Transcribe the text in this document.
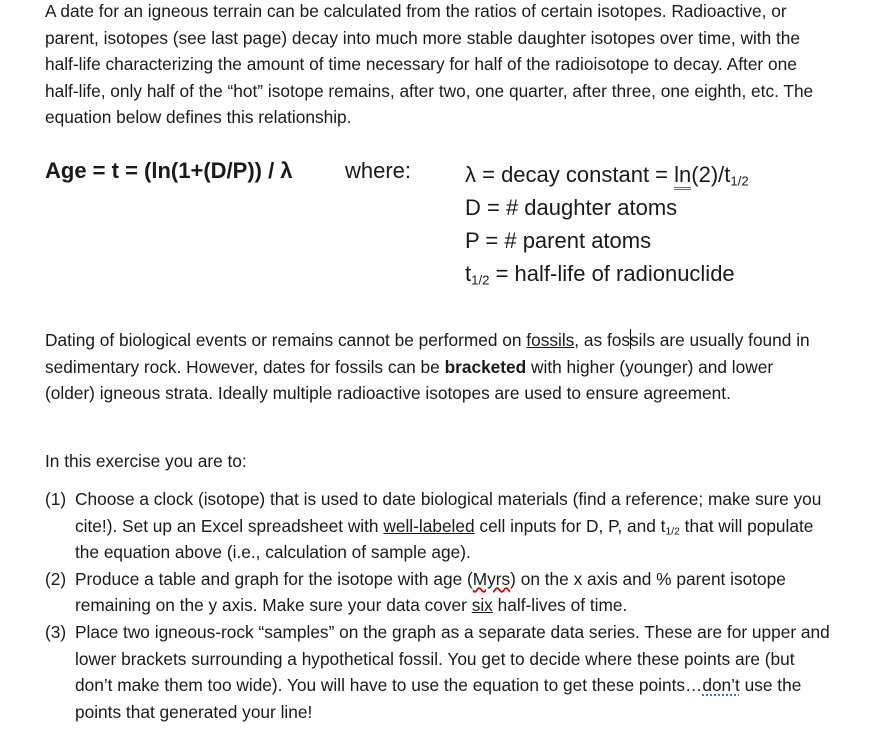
A date for an igneous terrain can be calculated from the ratios of certain isotopes. Radioactive, or parent, isotopes (see last page) decay into much more stable daughter isotopes over time, with the half-life characterizing the amount of time necessary for half of the radioisotope to decay. After one half-life, only half of the “hot” isotope remains, after two, one quarter, after three, one eighth, etc. The equation below defines this relationship.

Age = t = (ln(1+(D/P)) / λ where: λ = decay constant = $\ln(2)/t_{1/2}$
D = # daughter atoms
P = # parent atoms
$t_{1/2}$ = half-life of radionuclide

Dating of biological events or remains cannot be performed on fossils, as fossils are usually found in sedimentary rock. However, dates for fossils can be bracketed with higher (younger) and lower (older) igneous strata. Ideally multiple radioactive isotopes are used to ensure agreement.

In this exercise you are to:

(1) Choose a clock (isotope) that is used to date biological materials (find a reference; make sure you cite!). Set up an Excel spreadsheet with well-labeled cell inputs for D, P, and $t_{1/2}$ that will populate the equation above (i.e., calculation of sample age).
(2) Produce a table and graph for the isotope with age (Myrs) on the x axis and % parent isotope remaining on the y axis. Make sure your data cover six half-lives of time.
(3) Place two igneous-rock “samples” on the graph as a separate data series. These are for upper and lower brackets surrounding a hypothetical fossil. You get to decide where these points are (but don’t make them too wide). You will have to use the equation to get these points…don’t use the points that generated your line!
